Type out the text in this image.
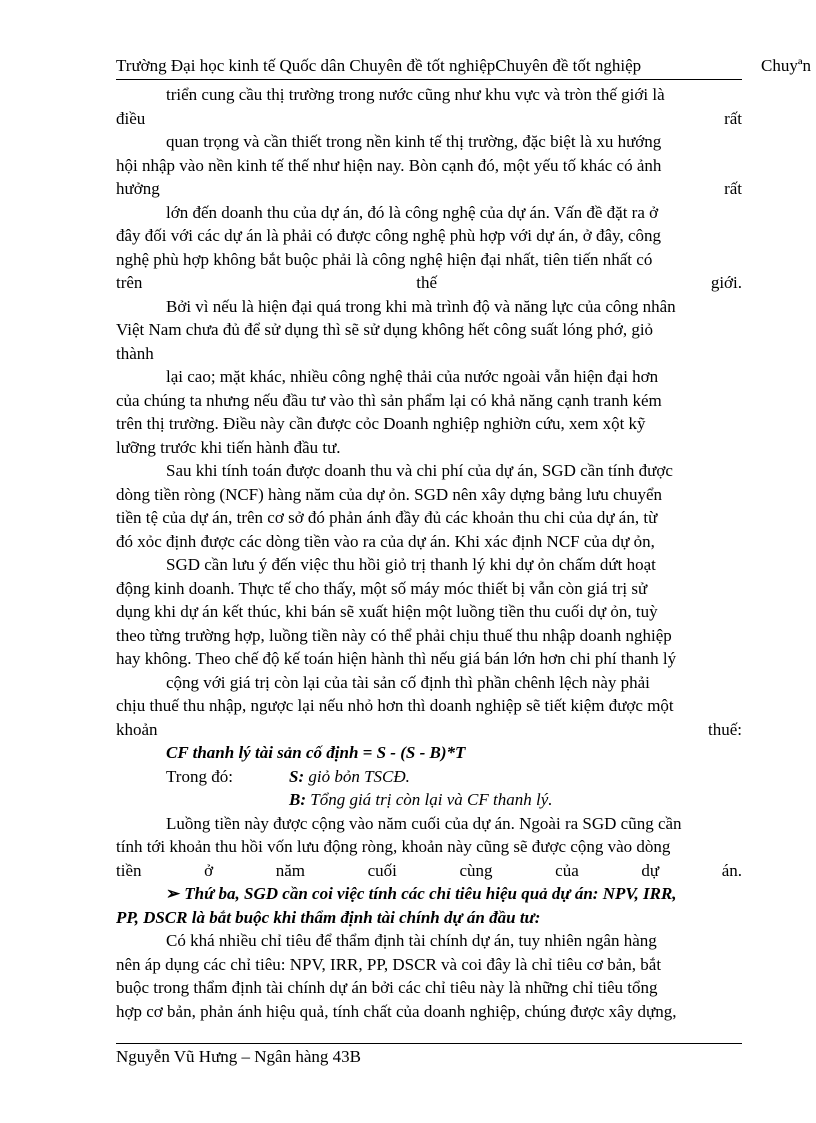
Trường Đại học kinh tế Quốc dân Chuyên đề tốt nghiệpChuyên đề tốt nghiệp	Chuyªn
triển cung cầu thị trường trong nước cũng như khu vực và tròn thế giới là
điều	rất
quan trọng và cần thiết trong nền kinh tế thị trường, đặc biệt là xu hướng
hội nhập vào nền kinh tế thế như hiện nay. Bòn cạnh đó, một yếu tố khác có ảnh
hưởng	rất
lớn đến doanh thu của dự án, đó là công nghệ của dự án. Vấn đề đặt ra ở
đây đối với các dự án là phải có được công nghệ phù hợp với dự án, ở đây, công
nghệ phù hợp không bắt buộc phải là công nghệ hiện đại nhất, tiên tiến nhất có
trên	thế	giới.
Bởi vì nếu là hiện đại quá trong khi mà trình độ và năng lực của công nhân
Việt Nam chưa đủ để sử dụng thì sẽ sử dụng không hết công suất lóng phớ, giỏ
thành
lại cao; mặt khác, nhiều công nghệ thải của nước ngoài vẫn hiện đại hơn
của chúng ta nhưng nếu đầu tư vào thì sản phẩm lại có khả năng cạnh tranh kém
trên thị trường. Điều này cần được cỏc Doanh nghiệp nghiờn cứu, xem xột kỹ
lưỡng trước khi tiến hành đầu tư.
Sau khi tính toán được doanh thu và chi phí của dự án, SGD cần tính được
dòng tiền ròng (NCF) hàng năm của dự ỏn. SGD nên xây dựng bảng lưu chuyển
tiền tệ của dự án, trên cơ sở đó phản ánh đầy đủ các khoản thu chi của dự án, từ
đó xỏc định được các dòng tiền vào ra của dự án. Khi xác định NCF của dự ỏn,
SGD cần lưu ý đến việc thu hồi giỏ trị thanh lý khi dự ỏn chấm dứt hoạt
động kinh doanh. Thực tế cho thấy, một số máy móc thiết bị vẫn còn giá trị sử
dụng khi dự án kết thúc, khi bán sẽ xuất hiện một luồng tiền thu cuối dự ỏn, tuỳ
theo từng trường hợp, luồng tiền này có thể phải chịu thuế thu nhập doanh nghiệp
hay không. Theo chế độ kế toán hiện hành thì nếu giá bán lớn hơn chi phí thanh lý
cộng với giá trị còn lại của tài sản cố định thì phần chênh lệch này phải
chịu thuế thu nhập, ngược lại nếu nhỏ hơn thì doanh nghiệp sẽ tiết kiệm được một
khoản	thuế:
CF thanh lý tài sản cố định = S - (S - B)*T
Trong đó:	S: giỏ bỏn TSCĐ.
B: Tổng giá trị còn lại và CF thanh lý.
Luồng tiền này được cộng vào năm cuối của dự án. Ngoài ra SGD cũng cần
tính tới khoản thu hồi vốn lưu động ròng, khoản này cũng sẽ được cộng vào dòng
tiền	ở	năm	cuối	cùng	của	dự	án.
➢ Thứ ba, SGD cần coi việc tính các chỉ tiêu hiệu quả dự án: NPV, IRR,
PP, DSCR là bắt buộc khi thẩm định tài chính dự án đầu tư:
Có khá nhiều chỉ tiêu để thẩm định tài chính dự án, tuy nhiên ngân hàng
nên áp dụng các chỉ tiêu: NPV, IRR, PP, DSCR và coi đây là chỉ tiêu cơ bản, bắt
buộc trong thẩm định tài chính dự án bởi các chỉ tiêu này là những chỉ tiêu tổng
hợp cơ bản, phản ánh hiệu quả, tính chất của doanh nghiệp, chúng được xây dựng,
Nguyễn Vũ Hưng – Ngân hàng 43B
